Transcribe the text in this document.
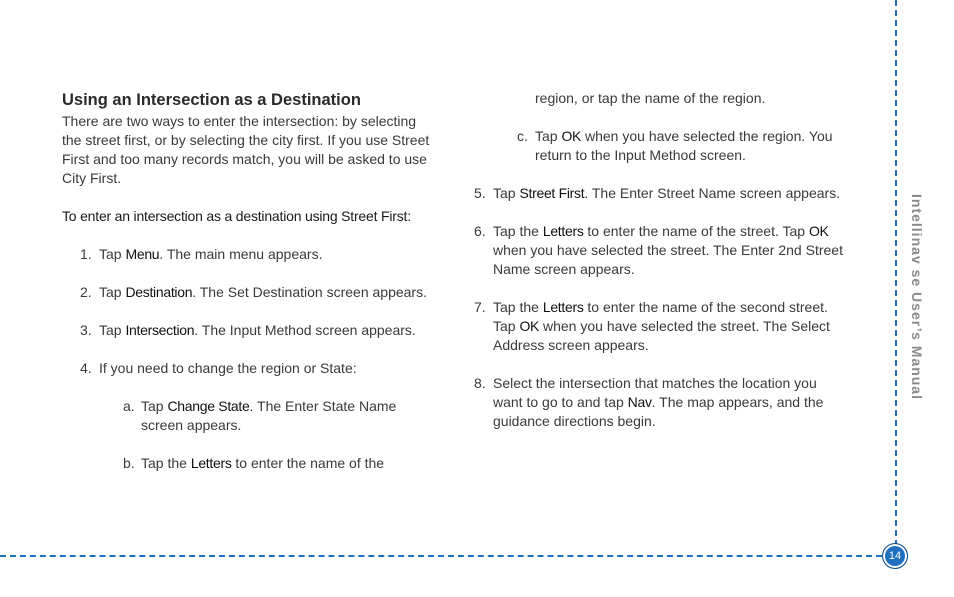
Using an Intersection as a Destination

There are two ways to enter the intersection: by selecting the street first, or by selecting the city first. If you use Street First and too many records match, you will be asked to use City First.

To enter an intersection as a destination using Street First:

1. Tap Menu. The main menu appears.
2. Tap Destination. The Set Destination screen appears.
3. Tap Intersection. The Input Method screen appears.
4. If you need to change the region or State:
a. Tap Change State. The Enter State Name screen appears.
b. Tap the Letters to enter the name of the
region, or tap the name of the region.
c. Tap OK when you have selected the region. You return to the Input Method screen.
5. Tap Street First. The Enter Street Name screen appears.
6. Tap the Letters to enter the name of the street. Tap OK when you have selected the street. The Enter 2nd Street Name screen appears.
7. Tap the Letters to enter the name of the second street. Tap OK when you have selected the street. The Select Address screen appears.
8. Select the intersection that matches the location you want to go to and tap Nav. The map appears, and the guidance directions begin.
14
Intellinav se User’s Manual
